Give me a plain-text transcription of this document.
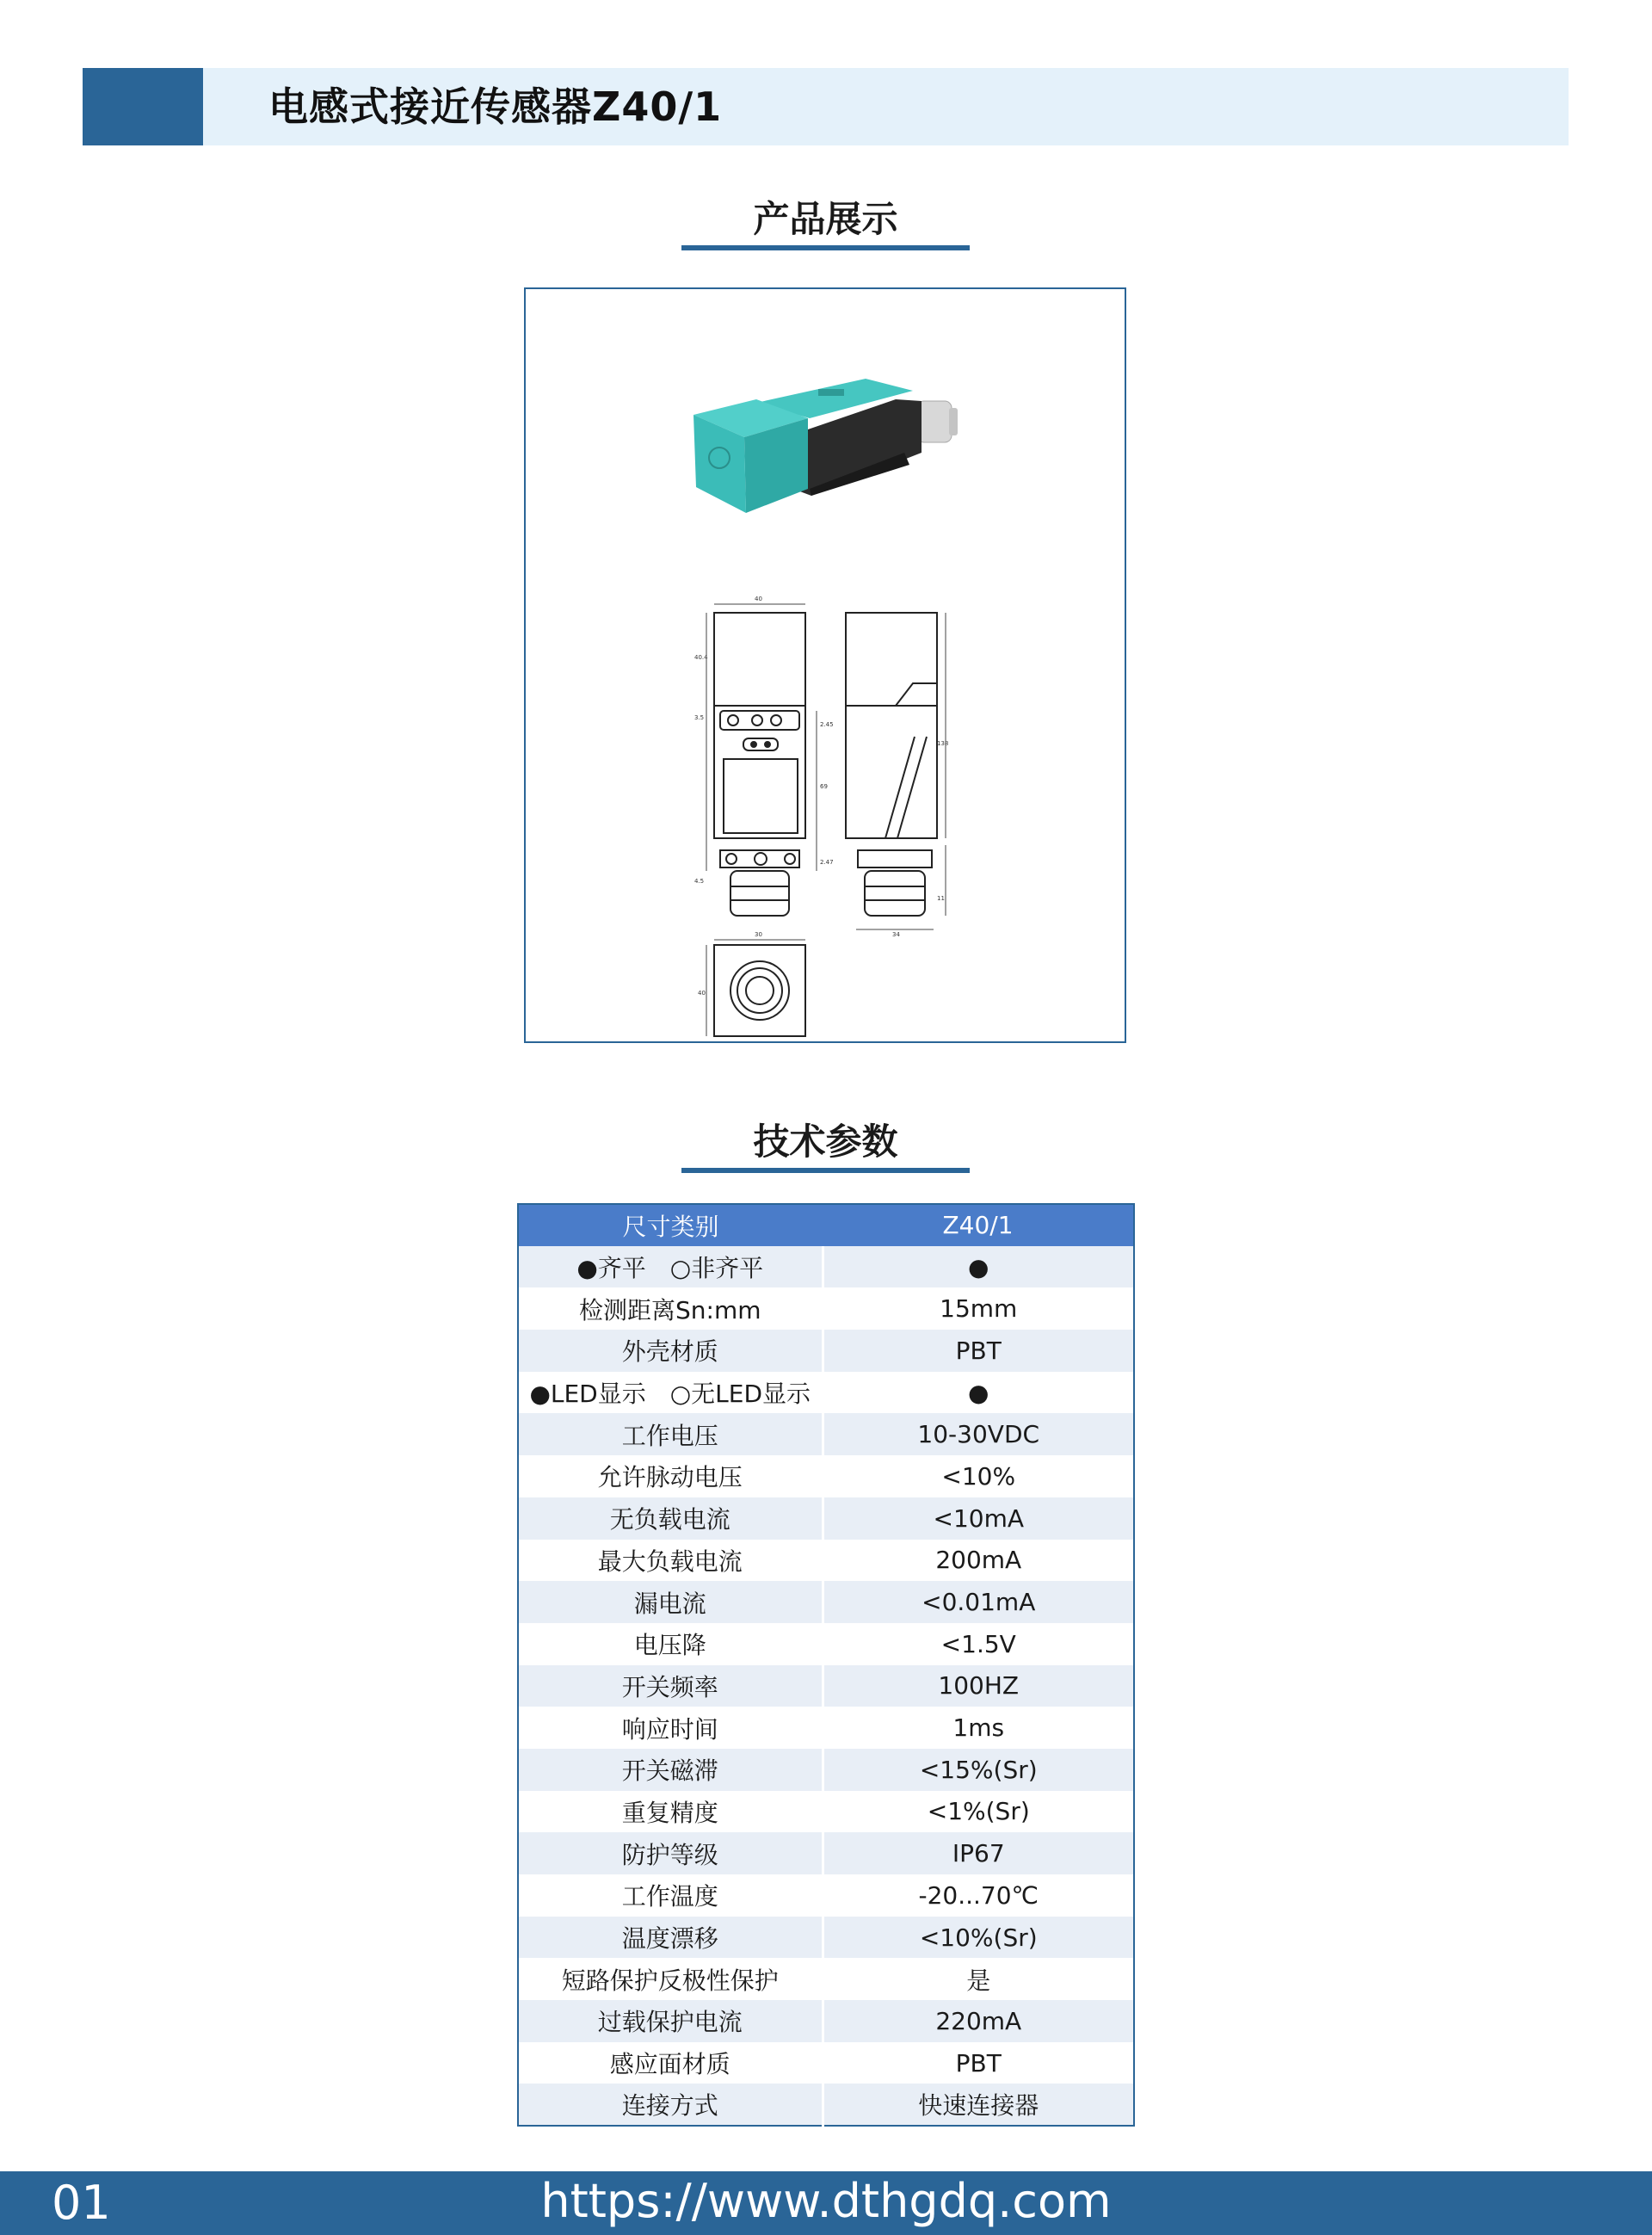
电感式接近传感器Z40/1
产品展示
40
40.4
3.5
2.45
69
2.47
4.5
30
138
11
34
40
技术参数
尺寸类别	Z40/1
●齐平　○非齐平	●
检测距离Sn:mm	15mm
外壳材质	PBT
●LED显示　○无LED显示	●
工作电压	10-30VDC
允许脉动电压	<10%
无负载电流	<10mA
最大负载电流	200mA
漏电流	<0.01mA
电压降	<1.5V
开关频率	100HZ
响应时间	1ms
开关磁滞	<15%(Sr)
重复精度	<1%(Sr)
防护等级	IP67
工作温度	-20...70℃
温度漂移	<10%(Sr)
短路保护反极性保护	是
过载保护电流	220mA
感应面材质	PBT
连接方式	快速连接器
01	https://www.dthgdq.com
